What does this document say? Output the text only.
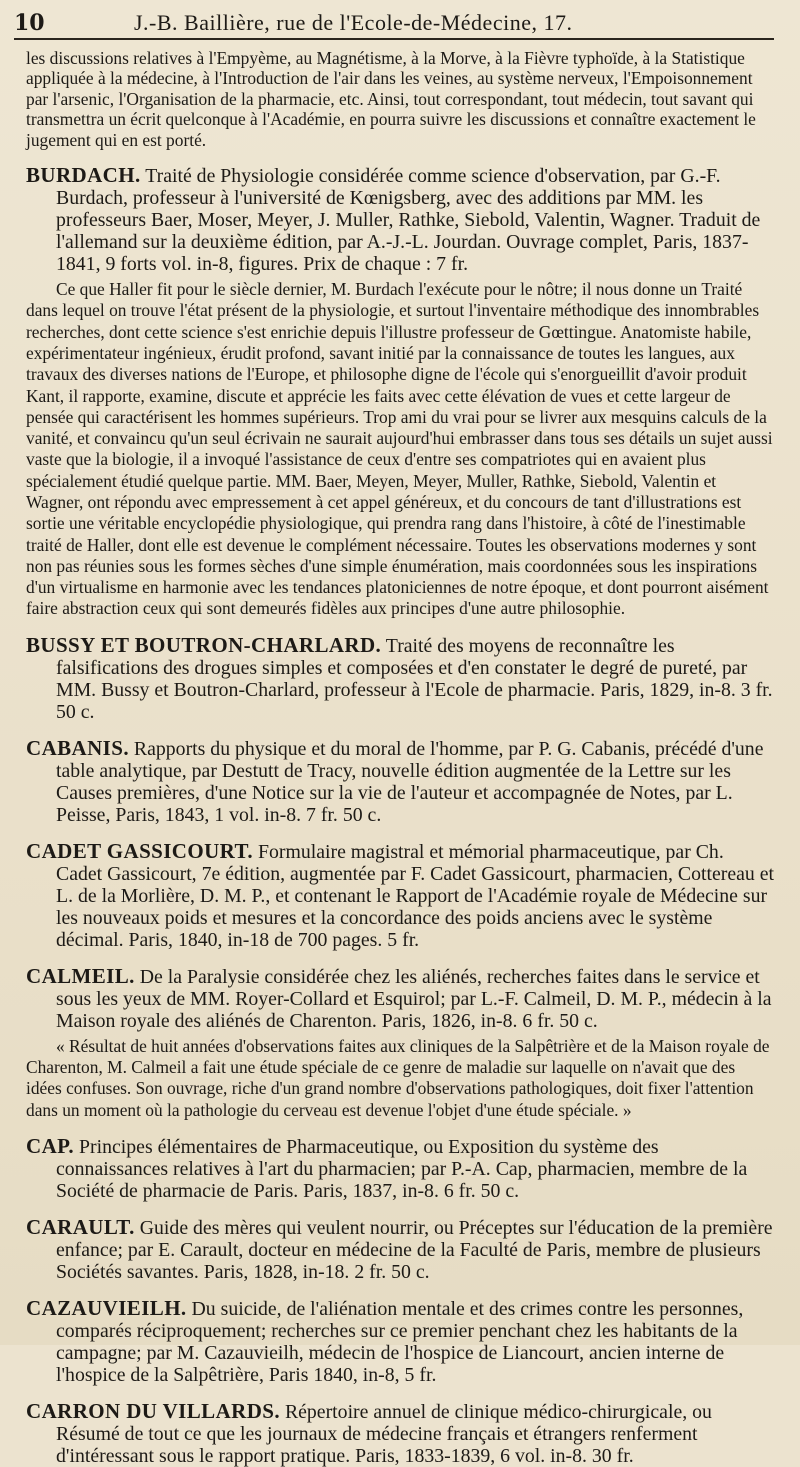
10	J.-B. Baillière, rue de l'Ecole-de-Médecine, 17.

les discussions relatives à l'Empyème, au Magnétisme, à la Morve, à la Fièvre typhoïde, à la Statistique appliquée à la médecine, à l'Introduction de l'air dans les veines, au système nerveux, l'Empoisonnement par l'arsenic, l'Organisation de la pharmacie, etc. Ainsi, tout correspondant, tout médecin, tout savant qui transmettra un écrit quelconque à l'Académie, en pourra suivre les discussions et connaître exactement le jugement qui en est porté.

BURDACH. Traité de Physiologie considérée comme science d'observation, par G.-F. Burdach, professeur à l'université de Kœnigsberg, avec des additions par MM. les professeurs Baer, Moser, Meyer, J. Muller, Rathke, Siebold, Valentin, Wagner. Traduit de l'allemand sur la deuxième édition, par A.-J.-L. Jourdan. Ouvrage complet, Paris, 1837-1841, 9 forts vol. in-8, figures. Prix de chaque : 7 fr.

Ce que Haller fit pour le siècle dernier, M. Burdach l'exécute pour le nôtre; il nous donne un Traité dans lequel on trouve l'état présent de la physiologie, et surtout l'inventaire méthodique des innombrables recherches, dont cette science s'est enrichie depuis l'illustre professeur de Gœttingue. Anatomiste habile, expérimentateur ingénieux, érudit profond, savant initié par la connaissance de toutes les langues, aux travaux des diverses nations de l'Europe, et philosophe digne de l'école qui s'enorgueillit d'avoir produit Kant, il rapporte, examine, discute et apprécie les faits avec cette élévation de vues et cette largeur de pensée qui caractérisent les hommes supérieurs. Trop ami du vrai pour se livrer aux mesquins calculs de la vanité, et convaincu qu'un seul écrivain ne saurait aujourd'hui embrasser dans tous ses détails un sujet aussi vaste que la biologie, il a invoqué l'assistance de ceux d'entre ses compatriotes qui en avaient plus spécialement étudié quelque partie. MM. Baer, Meyen, Meyer, Muller, Rathke, Siebold, Valentin et Wagner, ont répondu avec empressement à cet appel généreux, et du concours de tant d'illustrations est sortie une véritable encyclopédie physiologique, qui prendra rang dans l'histoire, à côté de l'inestimable traité de Haller, dont elle est devenue le complément nécessaire. Toutes les observations modernes y sont non pas réunies sous les formes sèches d'une simple énumération, mais coordonnées sous les inspirations d'un virtualisme en harmonie avec les tendances platoniciennes de notre époque, et dont pourront aisément faire abstraction ceux qui sont demeurés fidèles aux principes d'une autre philosophie.

BUSSY ET BOUTRON-CHARLARD. Traité des moyens de reconnaître les falsifications des drogues simples et composées et d'en constater le degré de pureté, par MM. Bussy et Boutron-Charlard, professeur à l'Ecole de pharmacie. Paris, 1829, in-8. 3 fr. 50 c.

CABANIS. Rapports du physique et du moral de l'homme, par P. G. Cabanis, précédé d'une table analytique, par Destutt de Tracy, nouvelle édition augmentée de la Lettre sur les Causes premières, d'une Notice sur la vie de l'auteur et accompagnée de Notes, par L. Peisse, Paris, 1843, 1 vol. in-8. 7 fr. 50 c.

CADET GASSICOURT. Formulaire magistral et mémorial pharmaceutique, par Ch. Cadet Gassicourt, 7e édition, augmentée par F. Cadet Gassicourt, pharmacien, Cottereau et L. de la Morlière, D. M. P., et contenant le Rapport de l'Académie royale de Médecine sur les nouveaux poids et mesures et la concordance des poids anciens avec le système décimal. Paris, 1840, in-18 de 700 pages. 5 fr.

CALMEIL. De la Paralysie considérée chez les aliénés, recherches faites dans le service et sous les yeux de MM. Royer-Collard et Esquirol; par L.-F. Calmeil, D. M. P., médecin à la Maison royale des aliénés de Charenton. Paris, 1826, in-8. 6 fr. 50 c.

« Résultat de huit années d'observations faites aux cliniques de la Salpêtrière et de la Maison royale de Charenton, M. Calmeil a fait une étude spéciale de ce genre de maladie sur laquelle on n'avait que des idées confuses. Son ouvrage, riche d'un grand nombre d'observations pathologiques, doit fixer l'attention dans un moment où la pathologie du cerveau est devenue l'objet d'une étude spéciale. »

CAP. Principes élémentaires de Pharmaceutique, ou Exposition du système des connaissances relatives à l'art du pharmacien; par P.-A. Cap, pharmacien, membre de la Société de pharmacie de Paris. Paris, 1837, in-8. 6 fr. 50 c.

CARAULT. Guide des mères qui veulent nourrir, ou Préceptes sur l'éducation de la première enfance; par E. Carault, docteur en médecine de la Faculté de Paris, membre de plusieurs Sociétés savantes. Paris, 1828, in-18. 2 fr. 50 c.

CAZAUVIEILH. Du suicide, de l'aliénation mentale et des crimes contre les personnes, comparés réciproquement; recherches sur ce premier penchant chez les habitants de la campagne; par M. Cazauvieilh, médecin de l'hospice de Liancourt, ancien interne de l'hospice de la Salpêtrière, Paris 1840, in-8, 5 fr.

CARRON DU VILLARDS. Répertoire annuel de clinique médico-chirurgicale, ou Résumé de tout ce que les journaux de médecine français et étrangers renferment d'intéressant sous le rapport pratique. Paris, 1833-1839, 6 vol. in-8. 30 fr.
